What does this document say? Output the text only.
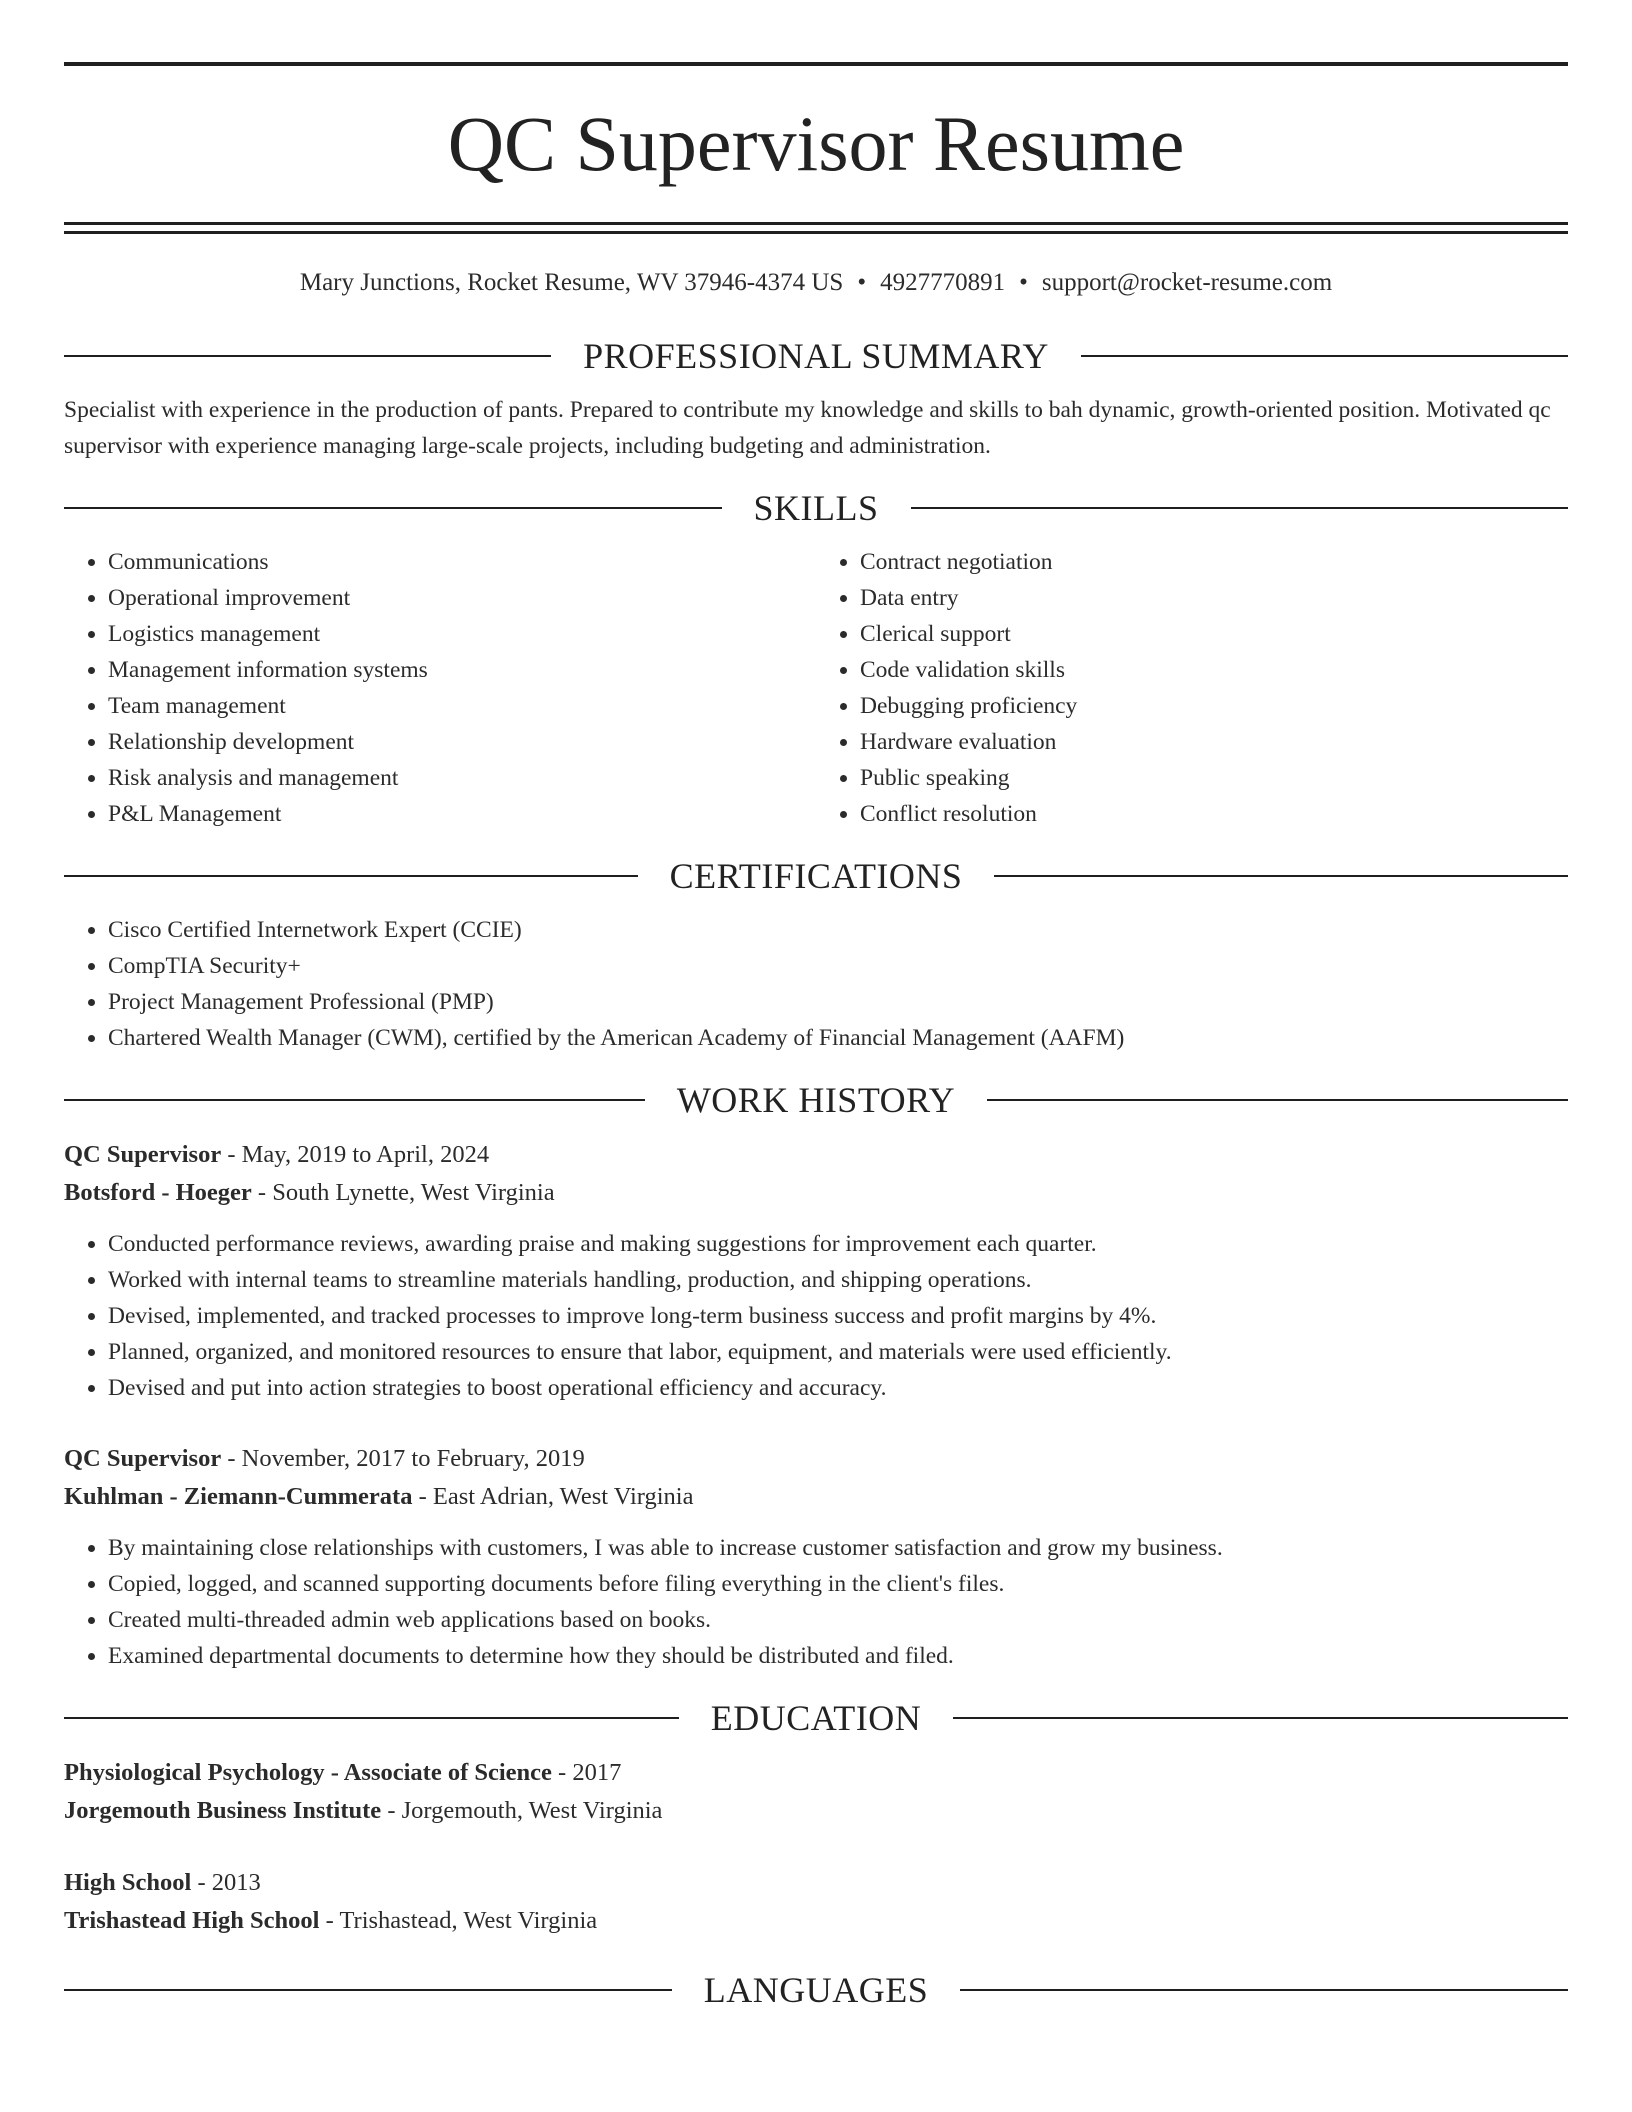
QC Supervisor Resume
Mary Junctions, Rocket Resume, WV 37946-4374 US • 4927770891 • support@rocket-resume.com
PROFESSIONAL SUMMARY

Specialist with experience in the production of pants. Prepared to contribute my knowledge and skills to bah dynamic, growth-oriented position. Motivated qc supervisor with experience managing large-scale projects, including budgeting and administration.

SKILLS
• Communications
• Operational improvement
• Logistics management
• Management information systems
• Team management
• Relationship development
• Risk analysis and management
• P&L Management
• Contract negotiation
• Data entry
• Clerical support
• Code validation skills
• Debugging proficiency
• Hardware evaluation
• Public speaking
• Conflict resolution
CERTIFICATIONS
• Cisco Certified Internetwork Expert (CCIE)
• CompTIA Security+
• Project Management Professional (PMP)
• Chartered Wealth Manager (CWM), certified by the American Academy of Financial Management (AAFM)
WORK HISTORY
QC Supervisor - May, 2019 to April, 2024
Botsford - Hoeger - South Lynette, West Virginia
• Conducted performance reviews, awarding praise and making suggestions for improvement each quarter.
• Worked with internal teams to streamline materials handling, production, and shipping operations.
• Devised, implemented, and tracked processes to improve long-term business success and profit margins by 4%.
• Planned, organized, and monitored resources to ensure that labor, equipment, and materials were used efficiently.
• Devised and put into action strategies to boost operational efficiency and accuracy.
QC Supervisor - November, 2017 to February, 2019
Kuhlman - Ziemann-Cummerata - East Adrian, West Virginia
• By maintaining close relationships with customers, I was able to increase customer satisfaction and grow my business.
• Copied, logged, and scanned supporting documents before filing everything in the client's files.
• Created multi-threaded admin web applications based on books.
• Examined departmental documents to determine how they should be distributed and filed.
EDUCATION
Physiological Psychology - Associate of Science - 2017
Jorgemouth Business Institute - Jorgemouth, West Virginia
High School - 2013
Trishastead High School - Trishastead, West Virginia
LANGUAGES
